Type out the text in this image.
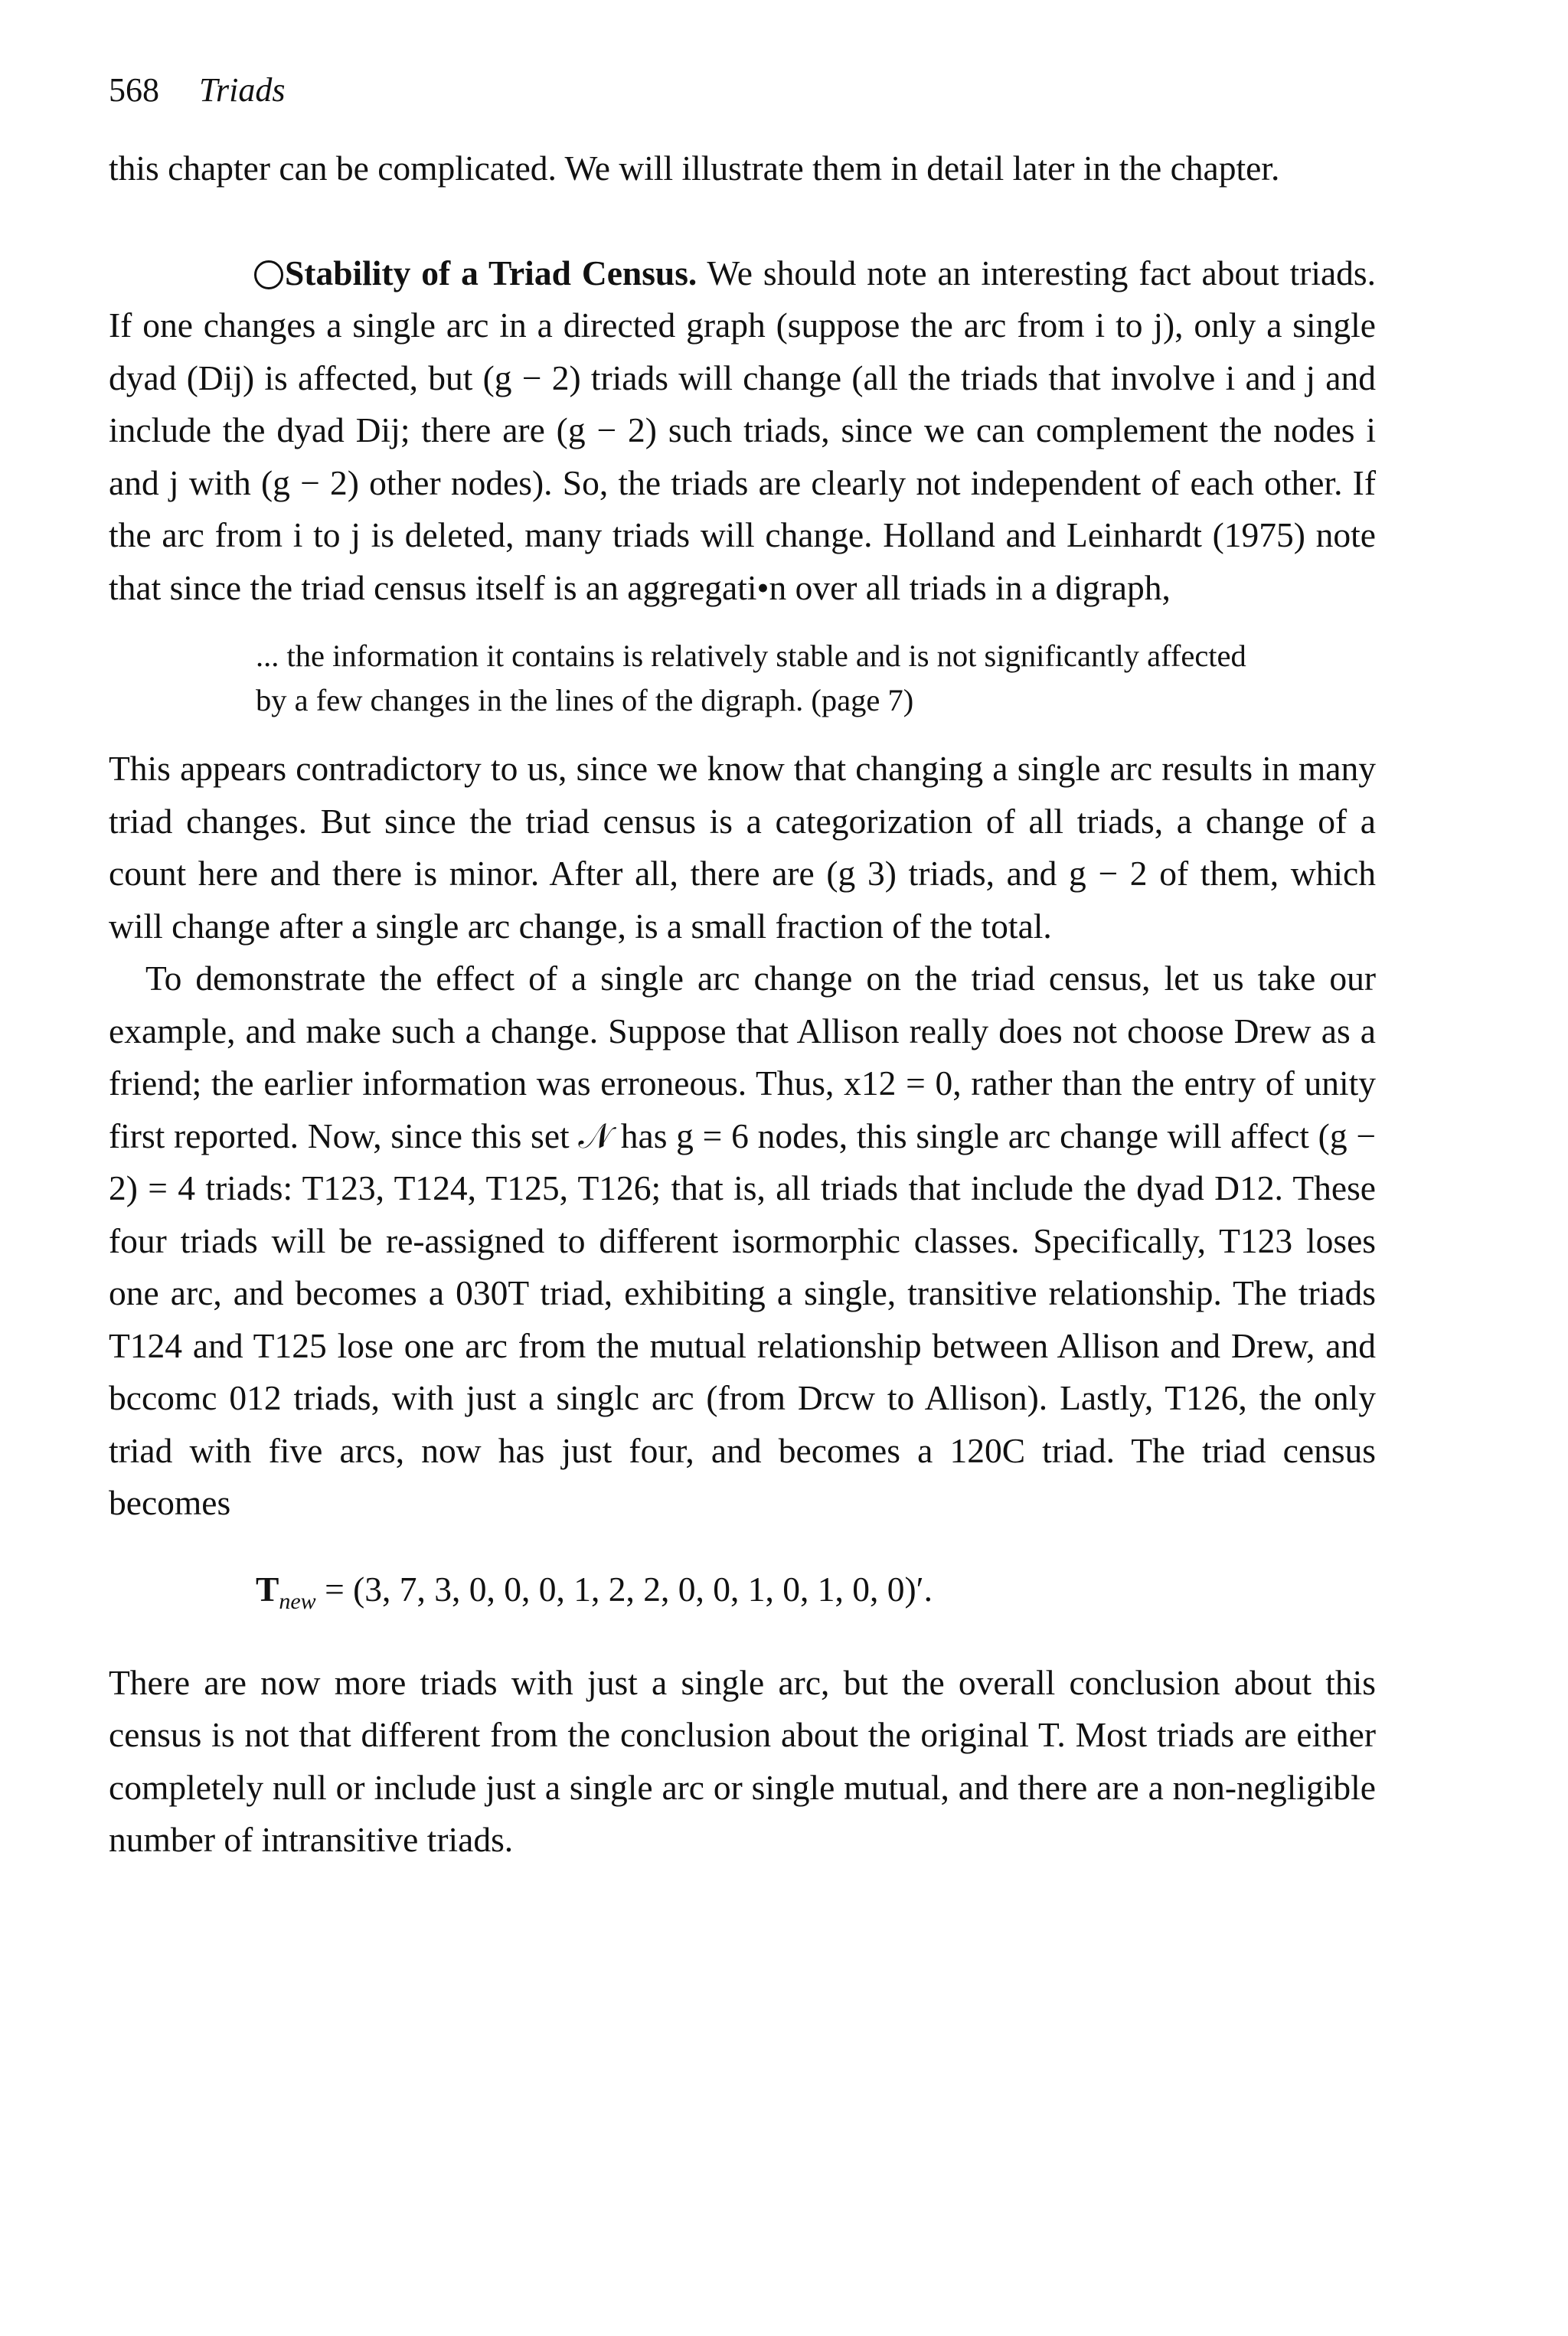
568 Triads

this chapter can be complicated. We will illustrate them in detail later in the chapter.

Stability of a Triad Census. We should note an interesting fact about triads. If one changes a single arc in a directed graph (suppose the arc from i to j), only a single dyad (Dij) is affected, but (g − 2) triads will change (all the triads that involve i and j and include the dyad Dij; there are (g − 2) such triads, since we can complement the nodes i and j with (g − 2) other nodes). So, the triads are clearly not independent of each other. If the arc from i to j is deleted, many triads will change. Holland and Leinhardt (1975) note that since the triad census itself is an aggregati•n over all triads in a digraph,

... the information it contains is relatively stable and is not significantly affected by a few changes in the lines of the digraph. (page 7)

This appears contradictory to us, since we know that changing a single arc results in many triad changes. But since the triad census is a categorization of all triads, a change of a count here and there is minor. After all, there are (g 3) triads, and g − 2 of them, which will change after a single arc change, is a small fraction of the total.

To demonstrate the effect of a single arc change on the triad census, let us take our example, and make such a change. Suppose that Allison really does not choose Drew as a friend; the earlier information was erroneous. Thus, x12 = 0, rather than the entry of unity first reported. Now, since this set 𝒩 has g = 6 nodes, this single arc change will affect (g − 2) = 4 triads: T123, T124, T125, T126; that is, all triads that include the dyad D12. These four triads will be re-assigned to different isormorphic classes. Specifically, T123 loses one arc, and becomes a 030T triad, exhibiting a single, transitive relationship. The triads T124 and T125 lose one arc from the mutual relationship between Allison and Drew, and bccomc 012 triads, with just a singlc arc (from Drcw to Allison). Lastly, T126, the only triad with five arcs, now has just four, and becomes a 120C triad. The triad census becomes

$T_{new} = (3$, 7, 3, 0, 0, 0, 1, 2, 2, 0, 0, 1, 0, 1, 0, 0)′.

There are now more triads with just a single arc, but the overall conclusion about this census is not that different from the conclusion about the original T. Most triads are either completely null or include just a single arc or single mutual, and there are a non-negligible number of intransitive triads.
